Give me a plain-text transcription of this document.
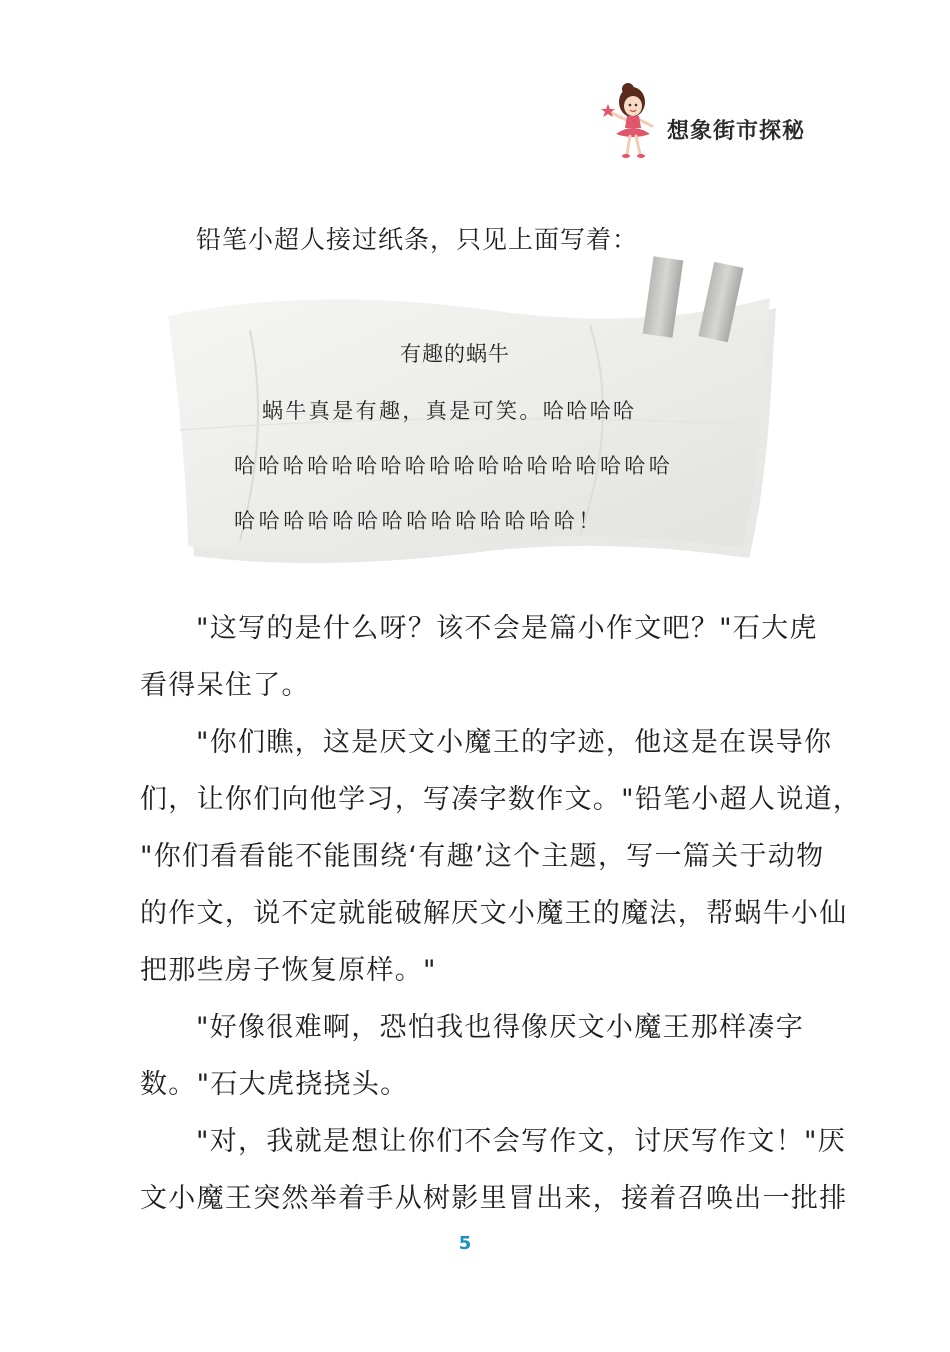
想象街市探秘
铅笔小超人接过纸条，只见上面写着：
有趣的蜗牛
蜗牛真是有趣，真是可笑。哈哈哈哈
哈哈哈哈哈哈哈哈哈哈哈哈哈哈哈哈哈哈
哈哈哈哈哈哈哈哈哈哈哈哈哈哈！
"这写的是什么呀？该不会是篇小作文吧？"石大虎
看得呆住了。
"你们瞧，这是厌文小魔王的字迹，他这是在误导你
们，让你们向他学习，写凑字数作文。"铅笔小超人说道，
"你们看看能不能围绕‘有趣’这个主题，写一篇关于动物
的作文，说不定就能破解厌文小魔王的魔法，帮蜗牛小仙
把那些房子恢复原样。"
"好像很难啊，恐怕我也得像厌文小魔王那样凑字
数。"石大虎挠挠头。
"对，我就是想让你们不会写作文，讨厌写作文！"厌
文小魔王突然举着手从树影里冒出来，接着召唤出一批排
5
